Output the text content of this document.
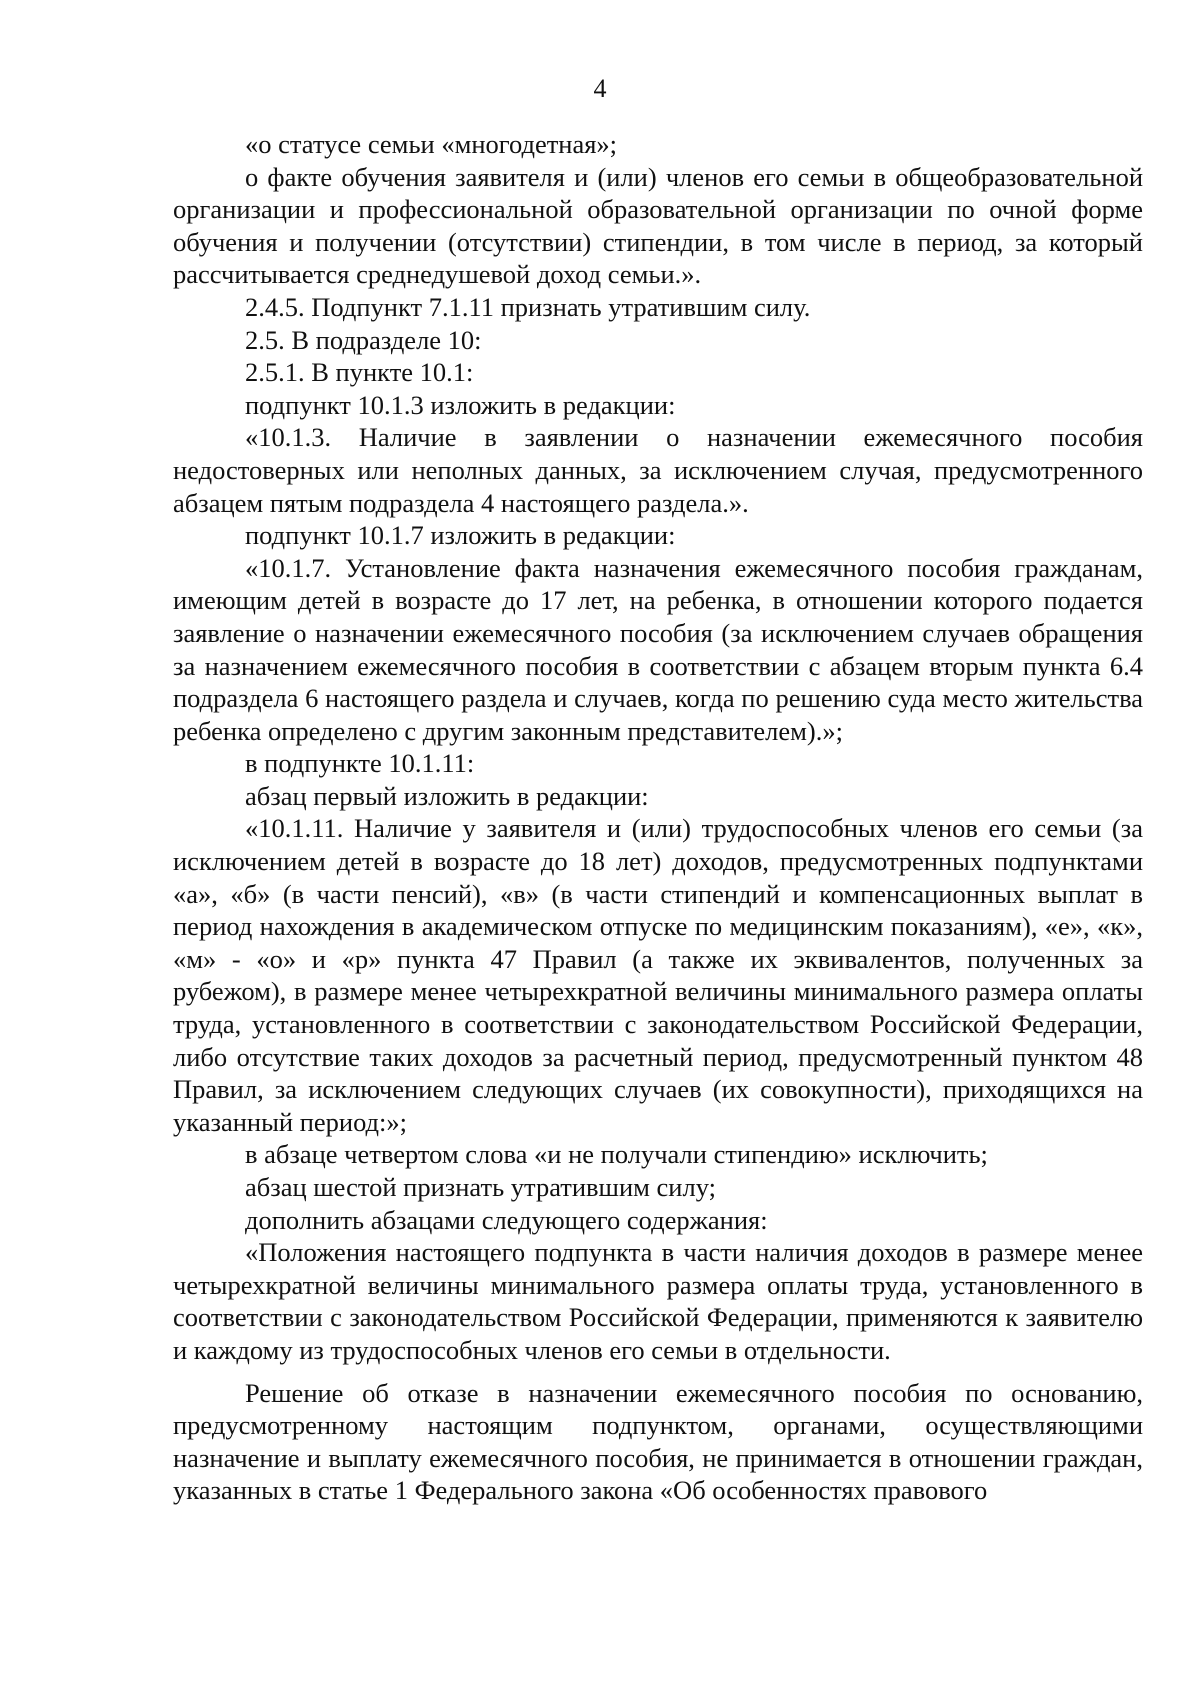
4

«о статусе семьи «многодетная»;

о факте обучения заявителя и (или) членов его семьи в общеобразовательной организации и профессиональной образовательной организации по очной форме обучения и получении (отсутствии) стипендии, в том числе в период, за который рассчитывается среднедушевой доход семьи.».

2.4.5. Подпункт 7.1.11 признать утратившим силу.

2.5. В подразделе 10:

2.5.1. В пункте 10.1:

подпункт 10.1.3 изложить в редакции:

«10.1.3. Наличие в заявлении о назначении ежемесячного пособия недостоверных или неполных данных, за исключением случая, предусмотренного абзацем пятым подраздела 4 настоящего раздела.».

подпункт 10.1.7 изложить в редакции:

«10.1.7. Установление факта назначения ежемесячного пособия гражданам, имеющим детей в возрасте до 17 лет, на ребенка, в отношении которого подается заявление о назначении ежемесячного пособия (за исключением случаев обращения за назначением ежемесячного пособия в соответствии с абзацем вторым пункта 6.4 подраздела 6 настоящего раздела и случаев, когда по решению суда место жительства ребенка определено с другим законным представителем).»;

в подпункте 10.1.11:

абзац первый изложить в редакции:

«10.1.11. Наличие у заявителя и (или) трудоспособных членов его семьи (за исключением детей в возрасте до 18 лет) доходов, предусмотренных подпунктами «а», «б» (в части пенсий), «в» (в части стипендий и компенсационных выплат в период нахождения в академическом отпуске по медицинским показаниям), «е», «к», «м» - «о» и «р» пункта 47 Правил (а также их эквивалентов, полученных за рубежом), в размере менее четырехкратной величины минимального размера оплаты труда, установленного в соответствии с законодательством Российской Федерации, либо отсутствие таких доходов за расчетный период, предусмотренный пунктом 48 Правил, за исключением следующих случаев (их совокупности), приходящихся на указанный период:»;

в абзаце четвертом слова «и не получали стипендию» исключить;

абзац шестой признать утратившим силу;

дополнить абзацами следующего содержания:

«Положения настоящего подпункта в части наличия доходов в размере менее четырехкратной величины минимального размера оплаты труда, установленного в соответствии с законодательством Российской Федерации, применяются к заявителю и каждому из трудоспособных членов его семьи в отдельности.

Решение об отказе в назначении ежемесячного пособия по основанию, предусмотренному настоящим подпунктом, органами, осуществляющими назначение и выплату ежемесячного пособия, не принимается в отношении граждан, указанных в статье 1 Федерального закона «Об особенностях правового
